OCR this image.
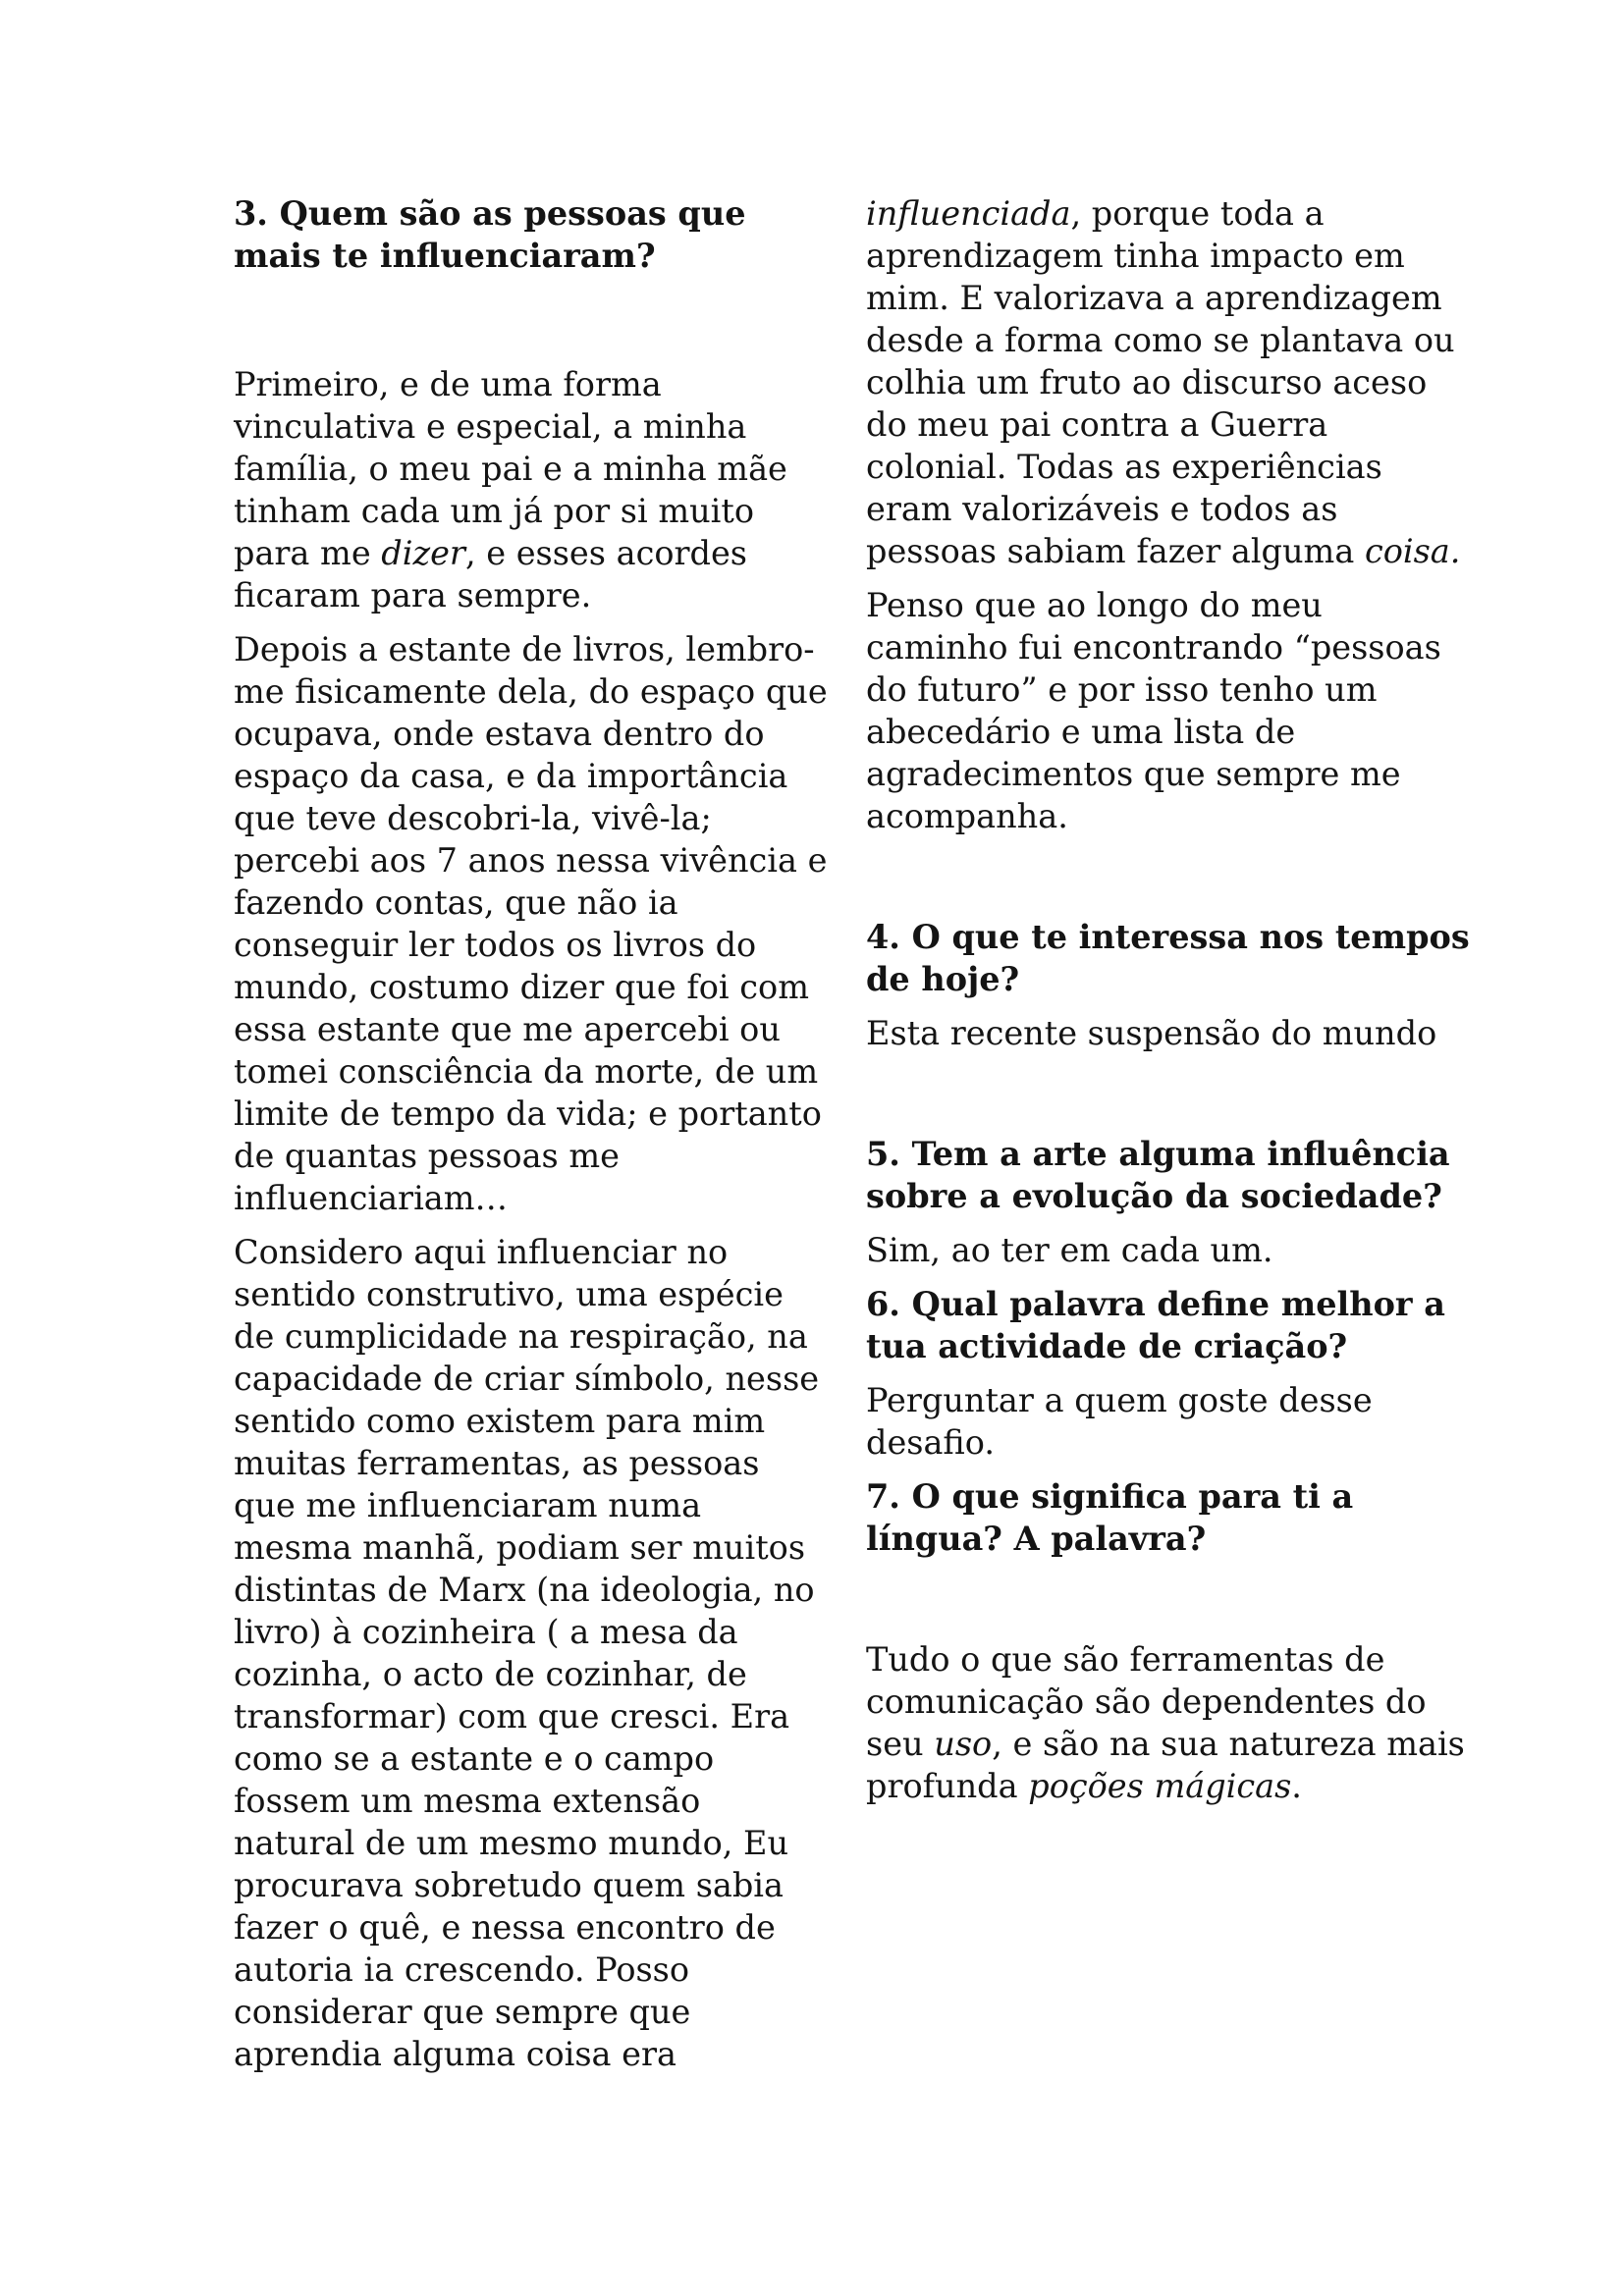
3. Quem são as pessoas que
mais te influenciaram?
Primeiro, e de uma forma
vinculativa e especial, a minha
família, o meu pai e a minha mãe
tinham cada um já por si muito
para me dizer, e esses acordes
ficaram para sempre.
Depois a estante de livros, lembro-
me fisicamente dela, do espaço que
ocupava, onde estava dentro do
espaço da casa, e da importância
que teve descobri-la, vivê-la;
percebi aos 7 anos nessa vivência e
fazendo contas, que não ia
conseguir ler todos os livros do
mundo, costumo dizer que foi com
essa estante que me apercebi ou
tomei consciência da morte, de um
limite de tempo da vida; e portanto
de quantas pessoas me
influenciariam…
Considero aqui influenciar no
sentido construtivo, uma espécie
de cumplicidade na respiração, na
capacidade de criar símbolo, nesse
sentido como existem para mim
muitas ferramentas, as pessoas
que me influenciaram numa
mesma manhã, podiam ser muitos
distintas de Marx (na ideologia, no
livro) à cozinheira ( a mesa da
cozinha, o acto de cozinhar, de
transformar) com que cresci. Era
como se a estante e o campo
fossem um mesma extensão
natural de um mesmo mundo, Eu
procurava sobretudo quem sabia
fazer o quê, e nessa encontro de
autoria ia crescendo. Posso
considerar que sempre que
aprendia alguma coisa era
influenciada, porque toda a
aprendizagem tinha impacto em
mim. E valorizava a aprendizagem
desde a forma como se plantava ou
colhia um fruto ao discurso aceso
do meu pai contra a Guerra
colonial. Todas as experiências
eram valorizáveis e todos as
pessoas sabiam fazer alguma coisa.
Penso que ao longo do meu
caminho fui encontrando “pessoas
do futuro” e por isso tenho um
abecedário e uma lista de
agradecimentos que sempre me
acompanha.
4. O que te interessa nos tempos
de hoje?
Esta recente suspensão do mundo
5. Tem a arte alguma influência
sobre a evolução da sociedade?
Sim, ao ter em cada um.
6. Qual palavra define melhor a
tua actividade de criação?
Perguntar a quem goste desse
desafio.
7. O que significa para ti a
língua? A palavra?
Tudo o que são ferramentas de
comunicação são dependentes do
seu uso, e são na sua natureza mais
profunda poções mágicas.
